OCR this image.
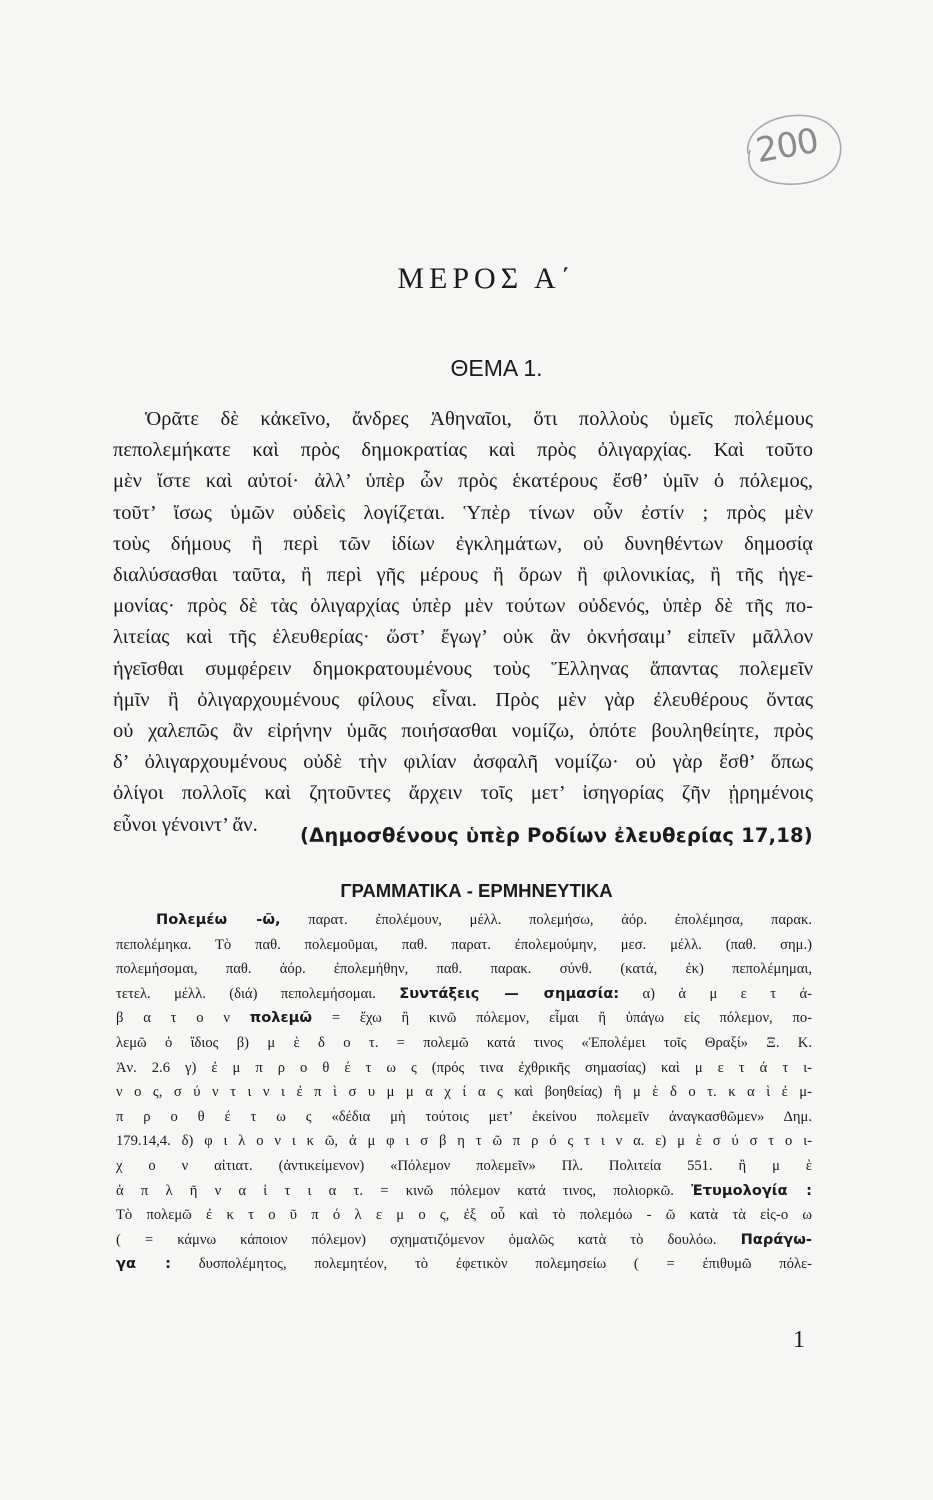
200
ΜΕΡΟΣ Α΄
ΘΕΜΑ 1.
Ὁρᾶτε δὲ κἀκεῖνο, ἄνδρες Ἀθηναῖοι, ὅτι πολλοὺς ὑμεῖς πολέμους
πεπολεμήκατε καὶ πρὸς δημοκρατίας καὶ πρὸς ὀλιγαρχίας. Καὶ τοῦτο
μὲν ἴστε καὶ αὐτοί· ἀλλ’ ὑπὲρ ὧν πρὸς ἑκατέρους ἔσθ’ ὑμῖν ὁ πόλεμος,
τοῦτ’ ἴσως ὑμῶν οὐδεὶς λογίζεται. Ὑπὲρ τίνων οὖν ἐστίν ; πρὸς μὲν
τοὺς δήμους ἢ περὶ τῶν ἰδίων ἐγκλημάτων, οὐ δυνηθέντων δημοσίᾳ
διαλύσασθαι ταῦτα, ἢ περὶ γῆς μέρους ἢ ὅρων ἢ φιλονικίας, ἢ τῆς ἡγε-
μονίας· πρὸς δὲ τὰς ὀλιγαρχίας ὑπὲρ μὲν τούτων οὐδενός, ὑπὲρ δὲ τῆς πο-
λιτείας καὶ τῆς ἐλευθερίας· ὥστ’ ἔγωγ’ οὐκ ἂν ὀκνήσαιμ’ εἰπεῖν μᾶλλον
ἡγεῖσθαι συμφέρειν δημοκρατουμένους τοὺς Ἕλληνας ἅπαντας πολεμεῖν
ἡμῖν ἢ ὀλιγαρχουμένους φίλους εἶναι. Πρὸς μὲν γὰρ ἐλευθέρους ὄντας
οὐ χαλεπῶς ἂν εἰρήνην ὑμᾶς ποιήσασθαι νομίζω, ὁπότε βουληθείητε, πρὸς
δ’ ὀλιγαρχουμένους οὐδὲ τὴν φιλίαν ἀσφαλῆ νομίζω· οὐ γὰρ ἔσθ’ ὅπως
ὀλίγοι πολλοῖς καὶ ζητοῦντες ἄρχειν τοῖς μετ’ ἰσηγορίας ζῆν ᾑρημένοις
εὖνοι γένοιντ’ ἄν.	(Δημοσθένους ὑπὲρ Ροδίων ἐλευθερίας 17,18)
ΓΡΑΜΜΑΤΙΚΑ - ΕΡΜΗΝΕΥΤΙΚΑ
Πολεμέω -ῶ, παρατ. ἐπολέμουν, μέλλ. πολεμήσω, ἀόρ. ἐπολέμησα, παρακ.
πεπολέμηκα. Τὸ παθ. πολεμοῦμαι, παθ. παρατ. ἐπολεμούμην, μεσ. μέλλ. (παθ. σημ.)
πολεμήσομαι, παθ. ἀόρ. ἐπολεμήθην, παθ. παρακ. σύνθ. (κατά, ἐκ) πεπολέμημαι,
τετελ. μέλλ. (διά) πεπολεμήσομαι. Συντάξεις — σημασία: α) ἀ μ ε τ ά-
β α τ ο ν πολεμῶ = ἔχω ἢ κινῶ πόλεμον, εἶμαι ἢ ὑπάγω εἰς πόλεμον, πο-
λεμῶ ὁ ἴδιος β) μ ὲ δ ο τ. = πολεμῶ κατά τινος «Ἐπολέμει τοῖς Θραξί» Ξ. Κ.
Ἀν. 2.6 γ) ἐ μ π ρ ο θ έ τ ω ς (πρός τινα ἐχθρικῆς σημασίας) καὶ μ ε τ ά τ ι-
ν ο ς, σ ύ ν τ ι ν ι ἐ π ὶ σ υ μ μ α χ ί α ς καὶ βοηθείας) ἢ μ ὲ δ ο τ. κ α ὶ ἐ μ-
π ρ ο θ έ τ ω ς «δέδια μὴ τούτοις μετ’ ἐκείνου πολεμεῖν ἀναγκασθῶμεν» Δημ.
179.14,4. δ) φ ι λ ο ν ι κ ῶ, ἀ μ φ ι σ β η τ ῶ π ρ ό ς τ ι ν α. ε) μ ὲ σ ύ σ τ ο ι-
χ ο ν αἰτιατ. (ἀντικείμενον) «Πόλεμον πολεμεῖν» Πλ. Πολιτεία 551. ἢ μ ὲ
ἁ π λ ῆ ν α ἰ τ ι α τ. = κινῶ πόλεμον κατά τινος, πολιορκῶ. Ἐτυμολογία :
Τὸ πολεμῶ ἐ κ τ ο ῦ π ό λ ε μ ο ς, ἐξ οὗ καὶ τὸ πολεμόω - ῶ κατὰ τὰ εἰς-ο ω
( = κάμνω κάποιον πόλεμον) σχηματιζόμενον ὁμαλῶς κατὰ τὸ δουλόω. Παράγω-
γα : δυσπολέμητος, πολεμητέον, τὸ ἐφετικὸν πολεμησείω ( = ἐπιθυμῶ πόλε-
1
